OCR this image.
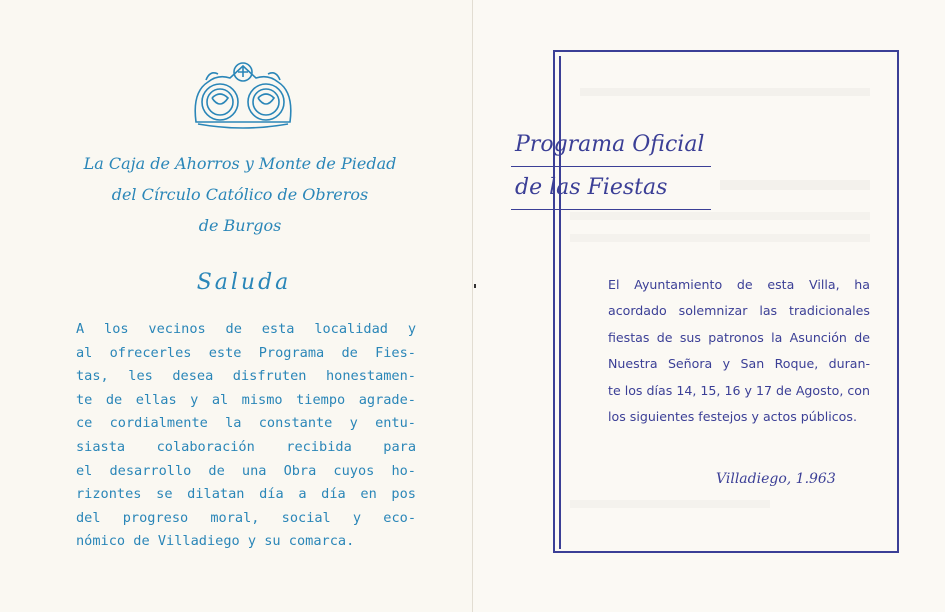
La Caja de Ahorros y Monte de Piedad
del Círculo Católico de Obreros
de Burgos
Saluda
A los vecinos de esta localidad y
al ofrecerles este Programa de Fies-
tas, les desea disfruten honestamen-
te de ellas y al mismo tiempo agrade-
ce cordialmente la constante y entu-
siasta colaboración recibida para
el desarrollo de una Obra cuyos ho-
rizontes se dilatan día a día en pos
del progreso moral, social y eco-
nómico de Villadiego y su comarca.
Programa Oficial
de las Fiestas
El Ayuntamiento de esta Villa, ha
acordado solemnizar las tradicionales
fiestas de sus patronos la Asunción de
Nuestra Señora y San Roque, duran-
te los días 14, 15, 16 y 17 de Agosto, con
los siguientes festejos y actos públicos.
Villadiego, 1.963
